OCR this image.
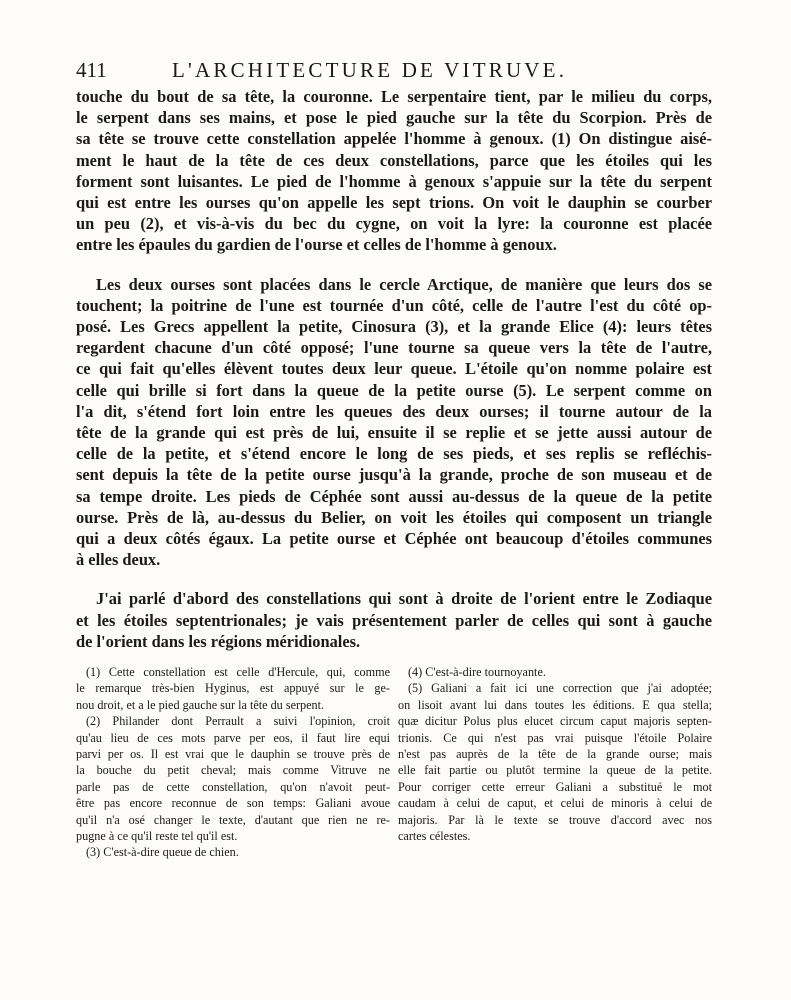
411	L'ARCHITECTURE DE VITRUVE.

touche du bout de sa tête, la couronne. Le serpentaire tient, par le milieu du corps,

le serpent dans ses mains, et pose le pied gauche sur la tête du Scorpion. Près de

sa tête se trouve cette constellation appelée l'homme à genoux. (1) On distingue aisé-

ment le haut de la tête de ces deux constellations, parce que les étoiles qui les

forment sont luisantes. Le pied de l'homme à genoux s'appuie sur la tête du serpent

qui est entre les ourses qu'on appelle les sept trions. On voit le dauphin se courber

un peu (2), et vis-à-vis du bec du cygne, on voit la lyre: la couronne est placée

entre les épaules du gardien de l'ourse et celles de l'homme à genoux.

Les deux ourses sont placées dans le cercle Arctique, de manière que leurs dos se

touchent; la poitrine de l'une est tournée d'un côté, celle de l'autre l'est du côté op-

posé. Les Grecs appellent la petite, Cinosura (3), et la grande Elice (4): leurs têtes

regardent chacune d'un côté opposé; l'une tourne sa queue vers la tête de l'autre,

ce qui fait qu'elles élèvent toutes deux leur queue. L'étoile qu'on nomme polaire est

celle qui brille si fort dans la queue de la petite ourse (5). Le serpent comme on

l'a dit, s'étend fort loin entre les queues des deux ourses; il tourne autour de la

tête de la grande qui est près de lui, ensuite il se replie et se jette aussi autour de

celle de la petite, et s'étend encore le long de ses pieds, et ses replis se refléchis-

sent depuis la tête de la petite ourse jusqu'à la grande, proche de son museau et de

sa tempe droite. Les pieds de Céphée sont aussi au-dessus de la queue de la petite

ourse. Près de là, au-dessus du Belier, on voit les étoiles qui composent un triangle

qui a deux côtés égaux. La petite ourse et Céphée ont beaucoup d'étoiles communes

à elles deux.

J'ai parlé d'abord des constellations qui sont à droite de l'orient entre le Zodiaque

et les étoiles septentrionales; je vais présentement parler de celles qui sont à gauche

de l'orient dans les régions méridionales.

(1) Cette constellation est celle d'Hercule, qui, comme

le remarque très-bien Hyginus, est appuyé sur le ge-

nou droit, et a le pied gauche sur la tête du serpent.

(2) Philander dont Perrault a suivi l'opinion, croit

qu'au lieu de ces mots parve per eos, il faut lire equi

parvi per os. Il est vrai que le dauphin se trouve près de

la bouche du petit cheval; mais comme Vitruve ne

parle pas de cette constellation, qu'on n'avoit peut-

être pas encore reconnue de son temps: Galiani avoue

qu'il n'a osé changer le texte, d'autant que rien ne re-

pugne à ce qu'il reste tel qu'il est.

(3) C'est-à-dire queue de chien.

(4) C'est-à-dire tournoyante.

(5) Galiani a fait ici une correction que j'ai adoptée;

on lisoit avant lui dans toutes les éditions. E qua stella;

quæ dicitur Polus plus elucet circum caput majoris septen-

trionis. Ce qui n'est pas vrai puisque l'étoile Polaire

n'est pas auprès de la tête de la grande ourse; mais

elle fait partie ou plutôt termine la queue de la petite.

Pour corriger cette erreur Galiani a substitué le mot

caudam à celui de caput, et celui de minoris à celui de

majoris. Par là le texte se trouve d'accord avec nos

cartes célestes.
